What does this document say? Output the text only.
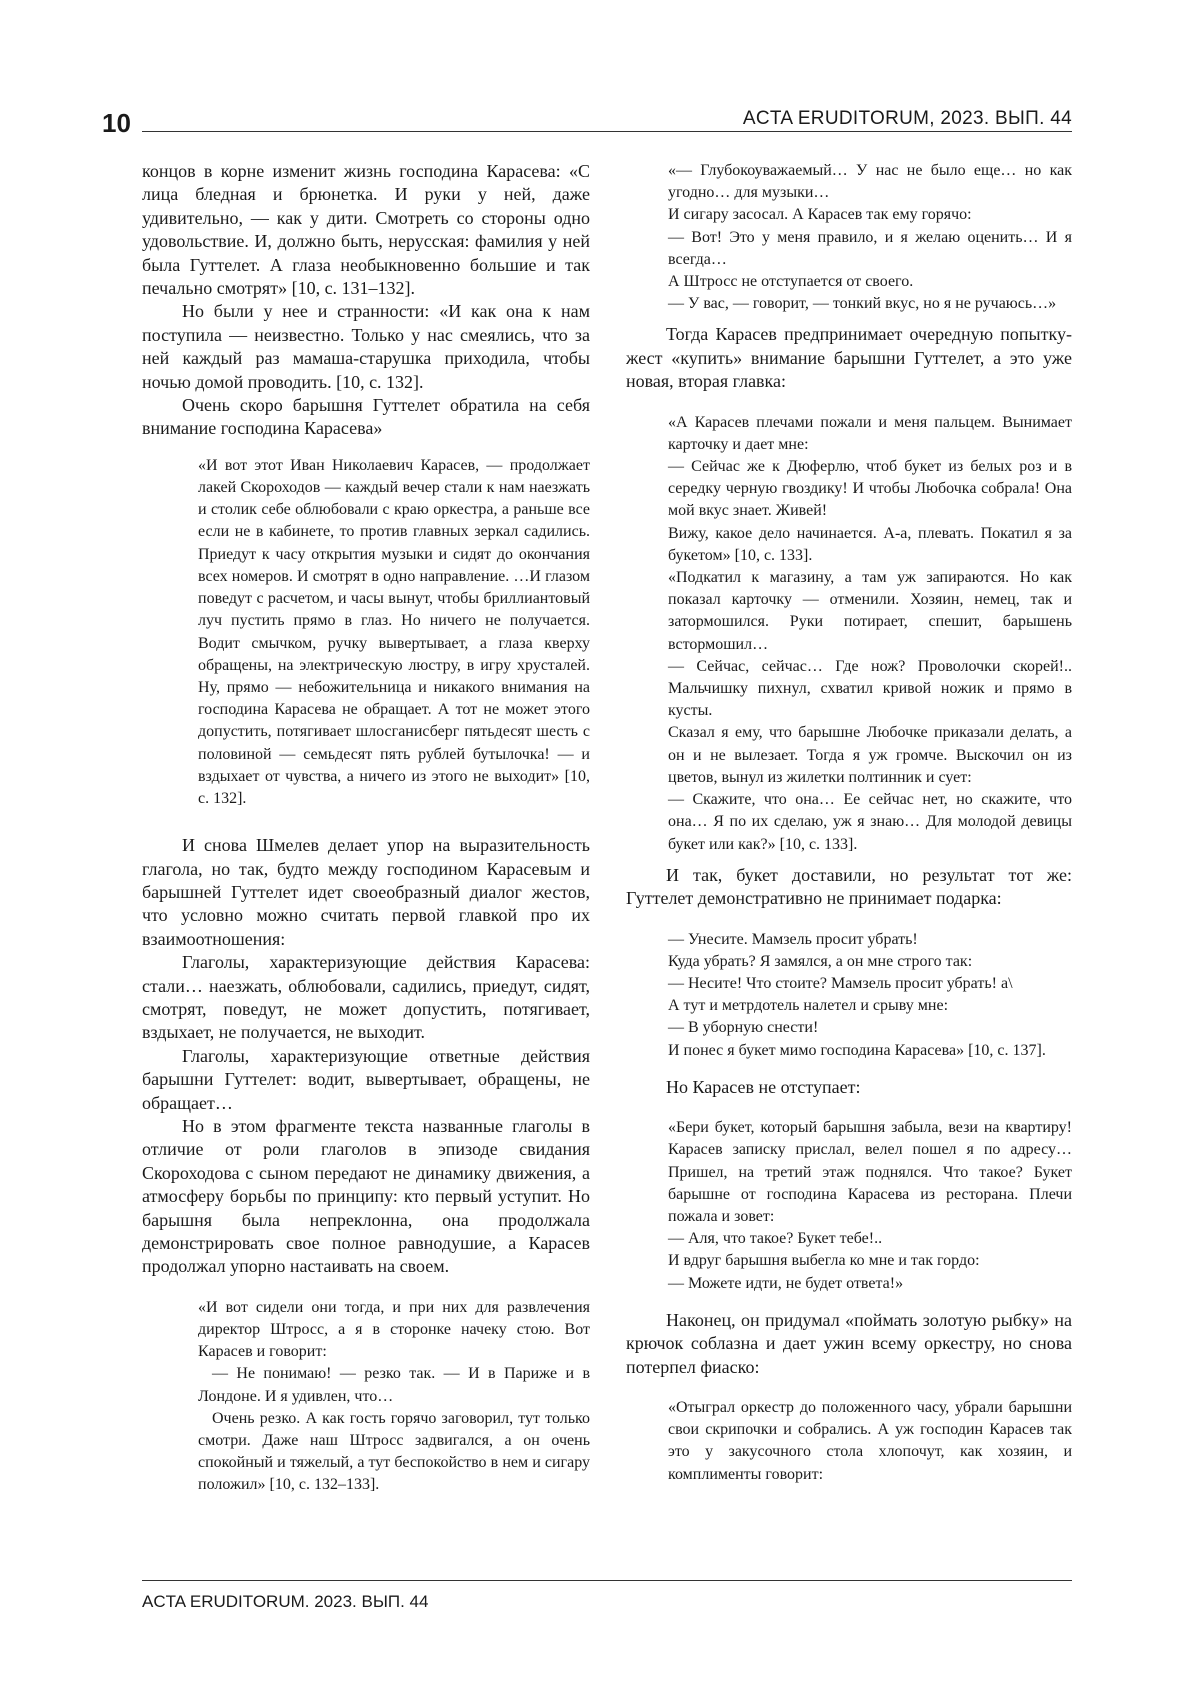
10	ACTA ERUDITORUM, 2023. ВЫП. 44

концов в корне изменит жизнь господина Карасева: «С лица бледная и брюнетка. И руки у ней, даже удивительно, — как у дити. Смотреть со стороны одно удовольствие. И, должно быть, нерусская: фамилия у ней была Гуттелет. А глаза необыкновенно большие и так печально смотрят» [10, с. 131–132].

Но были у нее и странности: «И как она к нам поступила — неизвестно. Только у нас смеялись, что за ней каждый раз мамаша-старушка приходила, чтобы ночью домой проводить. [10, с. 132].

Очень скоро барышня Гуттелет обратила на себя внимание господина Карасева»

«И вот этот Иван Николаевич Карасев, — продолжает лакей Скороходов — каждый вечер стали к нам наезжать и столик себе облюбовали с краю оркестра, а раньше все если не в кабинете, то против главных зеркал садились. Приедут к часу открытия музыки и сидят до окончания всех номеров. И смотрят в одно направление. …И глазом поведут с расчетом, и часы вынут, чтобы бриллиантовый луч пустить прямо в глаз. Но ничего не получается. Водит смычком, ручку вывертывает, а глаза кверху обращены, на электрическую люстру, в игру хрусталей. Ну, прямо — небожительница и никакого внимания на господина Карасева не обращает. А тот не может этого допустить, потягивает шлосганисберг пятьдесят шесть с половиной — семьдесят пять рублей бутылочка! — и вздыхает от чувства, а ничего из этого не выходит» [10, с. 132].

И снова Шмелев делает упор на выразительность глагола, но так, будто между господином Карасевым и барышней Гуттелет идет своеобразный диалог жестов, что условно можно считать первой главкой про их взаимоотношения:

Глаголы, характеризующие действия Карасева: стали… наезжать, облюбовали, садились, приедут, сидят, смотрят, поведут, не может допустить, потягивает, вздыхает, не получается, не выходит.

Глаголы, характеризующие ответные действия барышни Гуттелет: водит, вывертывает, обращены, не обращает…

Но в этом фрагменте текста названные глаголы в отличие от роли глаголов в эпизоде свидания Скороходова с сыном передают не динамику движения, а атмосферу борьбы по принципу: кто первый уступит. Но барышня была непреклонна, она продолжала демонстрировать свое полное равнодушие, а Карасев продолжал упорно настаивать на своем.

«И вот сидели они тогда, и при них для развлечения директор Штросс, а я в сторонке начеку стою. Вот Карасев и говорит:

— Не понимаю! — резко так. — И в Париже и в Лондоне. И я удивлен, что…

Очень резко. А как гость горячо заговорил, тут только смотри. Даже наш Штросс задвигался, а он очень спокойный и тяжелый, а тут беспокойство в нем и сигару положил» [10, с. 132–133].

«— Глубокоуважаемый… У нас не было еще… но как угодно… для музыки…

И сигару засосал. А Карасев так ему горячо:

— Вот! Это у меня правило, и я желаю оценить… И я всегда…

А Штросс не отступается от своего.

— У вас, — говорит, — тонкий вкус, но я не ручаюсь…»

Тогда Карасев предпринимает очередную попытку-жест «купить» внимание барышни Гуттелет, а это уже новая, вторая главка:

«А Карасев плечами пожали и меня пальцем. Вынимает карточку и дает мне:

— Сейчас же к Дюферлю, чтоб букет из белых роз и в середку черную гвоздику! И чтобы Любочка собрала! Она мой вкус знает. Живей!

Вижу, какое дело начинается. А-а, плевать. Покатил я за букетом» [10, с. 133].

«Подкатил к магазину, а там уж запираются. Но как показал карточку — отменили. Хозяин, немец, так и затормошился. Руки потирает, спешит, барышень встормошил…

— Сейчас, сейчас… Где нож? Проволочки скорей!.. Мальчишку пихнул, схватил кривой ножик и прямо в кусты.

Сказал я ему, что барышне Любочке приказали делать, а он и не вылезает. Тогда я уж громче. Выскочил он из цветов, вынул из жилетки полтинник и сует:

— Скажите, что она… Ее сейчас нет, но скажите, что она… Я по их сделаю, уж я знаю… Для молодой девицы букет или как?» [10, с. 133].

И так, букет доставили, но результат тот же: Гуттелет демонстративно не принимает подарка:

— Унесите. Мамзель просит убрать!

Куда убрать? Я замялся, а он мне строго так:

— Несите! Что стоите? Мамзель просит убрать! а\

А тут и метрдотель налетел и срыву мне:

— В уборную снести!

И понес я букет мимо господина Карасева» [10, с. 137].

Но Карасев не отступает:

«Бери букет, который барышня забыла, вези на квартиру! Карасев записку прислал, велел пошел я по адресу… Пришел, на третий этаж поднялся. Что такое? Букет барышне от господина Карасева из ресторана. Плечи пожала и зовет:

— Аля, что такое? Букет тебе!..

И вдруг барышня выбегла ко мне и так гордо:

— Можете идти, не будет ответа!»

Наконец, он придумал «поймать золотую рыбку» на крючок соблазна и дает ужин всему оркестру, но снова потерпел фиаско:

«Отыграл оркестр до положенного часу, убрали барышни свои скрипочки и собрались. А уж господин Карасев так это у закусочного стола хлопочут, как хозяин, и комплименты говорит:

ACTA ERUDITORUM. 2023. ВЫП. 44
